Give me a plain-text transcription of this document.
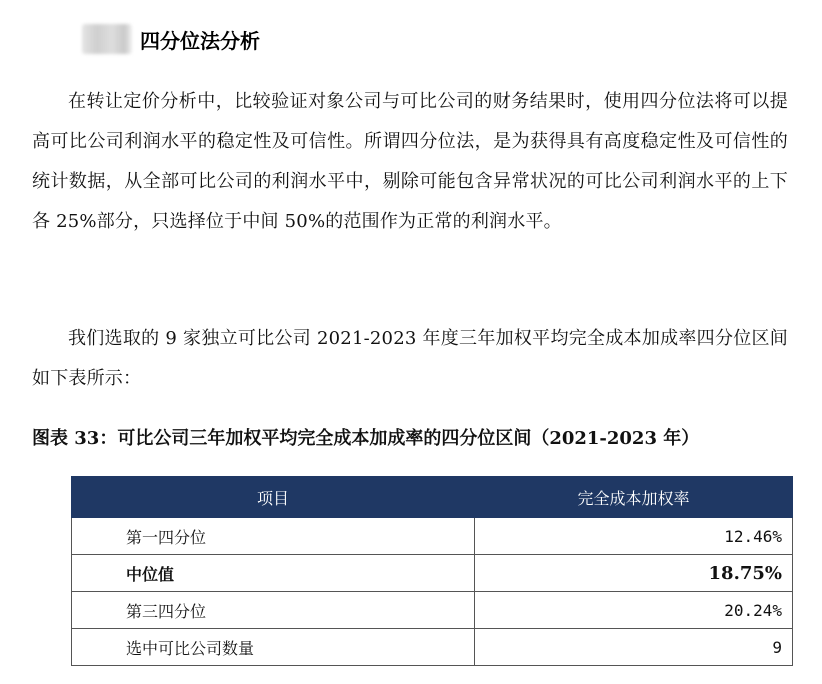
四分位法分析

在转让定价分析中，比较验证对象公司与可比公司的财务结果时，使用四分位法将可以提高可比公司利润水平的稳定性及可信性。所谓四分位法，是为获得具有高度稳定性及可信性的统计数据，从全部可比公司的利润水平中，剔除可能包含异常状况的可比公司利润水平的上下各 25%部分，只选择位于中间 50%的范围作为正常的利润水平。

我们选取的 9 家独立可比公司 2021-2023 年度三年加权平均完全成本加成率四分位区间如下表所示：

图表 33：可比公司三年加权平均完全成本加成率的四分位区间（2021-2023 年）
项目	完全成本加权率
第一四分位	12.46%
中位值	18.75%
第三四分位	20.24%
选中可比公司数量	9
